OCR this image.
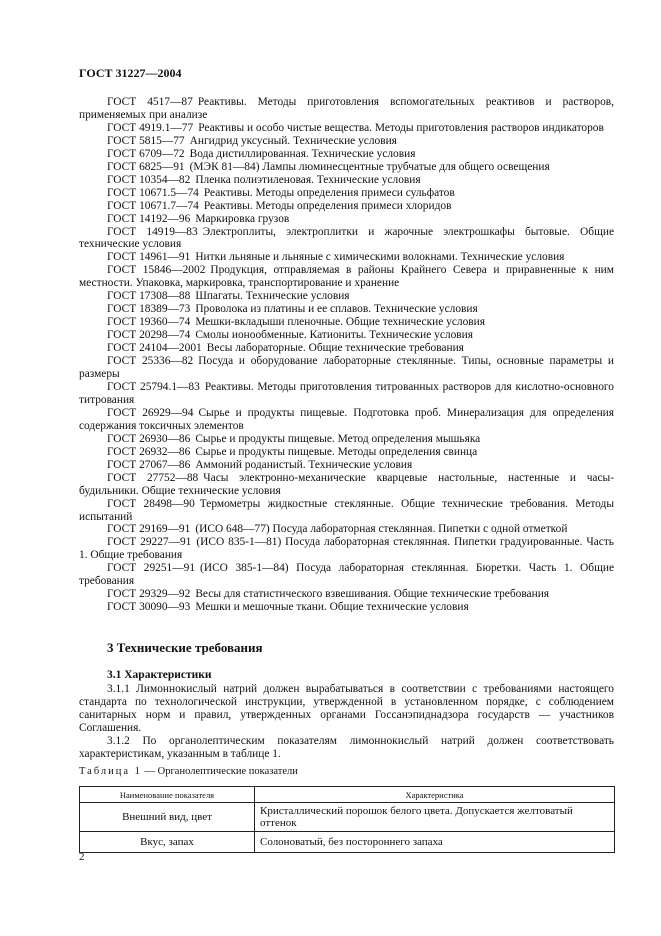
ГОСТ 31227—2004
ГОСТ 4517—87 Реактивы. Методы приготовления вспомогательных реактивов и растворов, применяемых при анализе
ГОСТ 4919.1—77 Реактивы и особо чистые вещества. Методы приготовления растворов индикаторов
ГОСТ 5815—77 Ангидрид уксусный. Технические условия
ГОСТ 6709—72 Вода дистиллированная. Технические условия
ГОСТ 6825—91 (МЭК 81—84) Лампы люминесцентные трубчатые для общего освещения
ГОСТ 10354—82 Пленка полиэтиленовая. Технические условия
ГОСТ 10671.5—74 Реактивы. Методы определения примеси сульфатов
ГОСТ 10671.7—74 Реактивы. Методы определения примеси хлоридов
ГОСТ 14192—96 Маркировка грузов
ГОСТ 14919—83 Электроплиты, электроплитки и жарочные электрошкафы бытовые. Общие технические условия
ГОСТ 14961—91 Нитки льняные и льняные с химическими волокнами. Технические условия
ГОСТ 15846—2002 Продукция, отправляемая в районы Крайнего Севера и приравненные к ним местности. Упаковка, маркировка, транспортирование и хранение
ГОСТ 17308—88 Шпагаты. Технические условия
ГОСТ 18389—73 Проволока из платины и ее сплавов. Технические условия
ГОСТ 19360—74 Мешки-вкладыши пленочные. Общие технические условия
ГОСТ 20298—74 Смолы ионообменные. Катиониты. Технические условия
ГОСТ 24104—2001 Весы лабораторные. Общие технические требования
ГОСТ 25336—82 Посуда и оборудование лабораторные стеклянные. Типы, основные параметры и размеры
ГОСТ 25794.1—83 Реактивы. Методы приготовления титрованных растворов для кислотно-основного титрования
ГОСТ 26929—94 Сырье и продукты пищевые. Подготовка проб. Минерализация для определения содержания токсичных элементов
ГОСТ 26930—86 Сырье и продукты пищевые. Метод определения мышьяка
ГОСТ 26932—86 Сырье и продукты пищевые. Методы определения свинца
ГОСТ 27067—86 Аммоний роданистый. Технические условия
ГОСТ 27752—88 Часы электронно-механические кварцевые настольные, настенные и часы-будильники. Общие технические условия
ГОСТ 28498—90 Термометры жидкостные стеклянные. Общие технические требования. Методы испытаний
ГОСТ 29169—91 (ИСО 648—77) Посуда лабораторная стеклянная. Пипетки с одной отметкой
ГОСТ 29227—91 (ИСО 835-1—81) Посуда лабораторная стеклянная. Пипетки градуированные. Часть 1. Общие требования
ГОСТ 29251—91 (ИСО 385-1—84) Посуда лабораторная стеклянная. Бюретки. Часть 1. Общие требования
ГОСТ 29329—92 Весы для статистического взвешивания. Общие технические требования
ГОСТ 30090—93 Мешки и мешочные ткани. Общие технические условия
3 Технические требования
3.1 Характеристики

3.1.1 Лимоннокислый натрий должен вырабатываться в соответствии с требованиями настоящего стандарта по технологической инструкции, утвержденной в установленном порядке, с соблюдением санитарных норм и правил, утвержденных органами Госсанэпиднадзора государств — участников Соглашения.

3.1.2 По органолептическим показателям лимоннокислый натрий должен соответствовать характеристикам, указанным в таблице 1.

Таблица 1 — Органолептические показатели
Наименование показателя	Характеристика
Внешний вид, цвет	Кристаллический порошок белого цвета. Допускается желтоватый оттенок
Вкус, запах	Солоноватый, без постороннего запаха
2
